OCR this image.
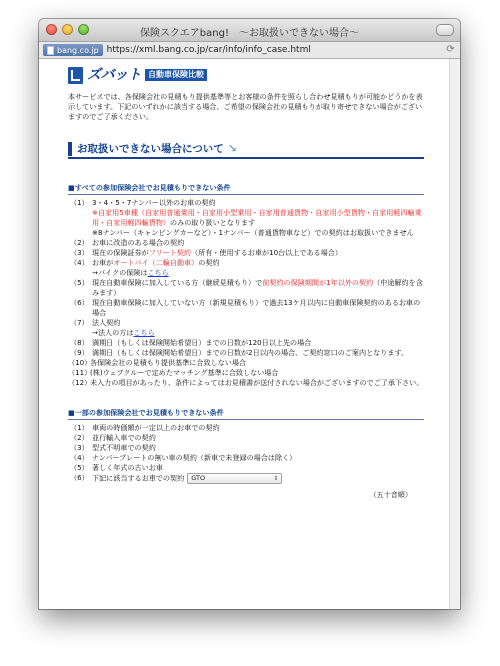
保険スクエアbang!　〜お取扱いできない場合〜
bang.co.jp https://xml.bang.co.jp/car/info/info_case.html	⟳
ズバット 自動車保険比較
本サービスでは、各保険会社の見積もり提供基準等とお客様の条件を照らし合わせ見積もりが可能かどうかを表示しています。下記のいずれかに該当する場合、ご希望の保険会社の見積もりが取り寄せできない場合がございますのでご了承ください。
お取扱いできない場合について ↘
■すべての参加保険会社でお見積もりできない条件
（1） 3・4・5・7ナンバー以外のお車の契約
※自家用5車種（自家用普通乗用・自家用小型乗用・自家用普通貨物・自家用小型貨物・自家用軽四輪乗用・自家用軽四輪貨物）のみの取り扱いとなります
※8ナンバー（キャンピングカーなど）・1ナンバー（普通貨物車など）での契約はお取扱いできません
（2） お車に改造のある場合の契約
（3） 現在の保険証券がフリート契約（所有・使用するお車が10台以上である場合）
（4） お車がオートバイ（二輪自動車）の契約
→バイクの保険はこちら
（5） 現在自動車保険に加入している方（継続見積もり）で前契約の保険期間が1年以外の契約（中途解約を含みます）
（6） 現在自動車保険に加入していない方（新規見積もり）で過去13ケ月以内に自動車保険契約のあるお車の場合
（7） 法人契約
→法人の方はこちら
（8） 満期日（もしくは保険開始希望日）までの日数が120日以上先の場合
（9） 満期日（もしくは保険開始希望日）までの日数が2日以内の場合、ご契約窓口のご案内となります。
（10）
各保険会社の見積もり提供基準に合致しない場合
（11）
(株)ウェブクルーで定めたマッチング基準に合致しない場合
（12）
未入力の項目があったり、条件によってはお見積書が送付されない場合がございますのでご了承下さい。
■一部の参加保険会社でお見積もりできない条件
（1） 車両の時価額が一定以上のお車での契約
（2） 並行輸入車での契約
（3） 型式不明車での契約
（4） ナンバープレートの無い車の契約（新車で未登録の場合は除く）
（5） 著しく年式の古いお車
（6） 下記に該当するお車での契約 GTO	⇕
（五十音順）
